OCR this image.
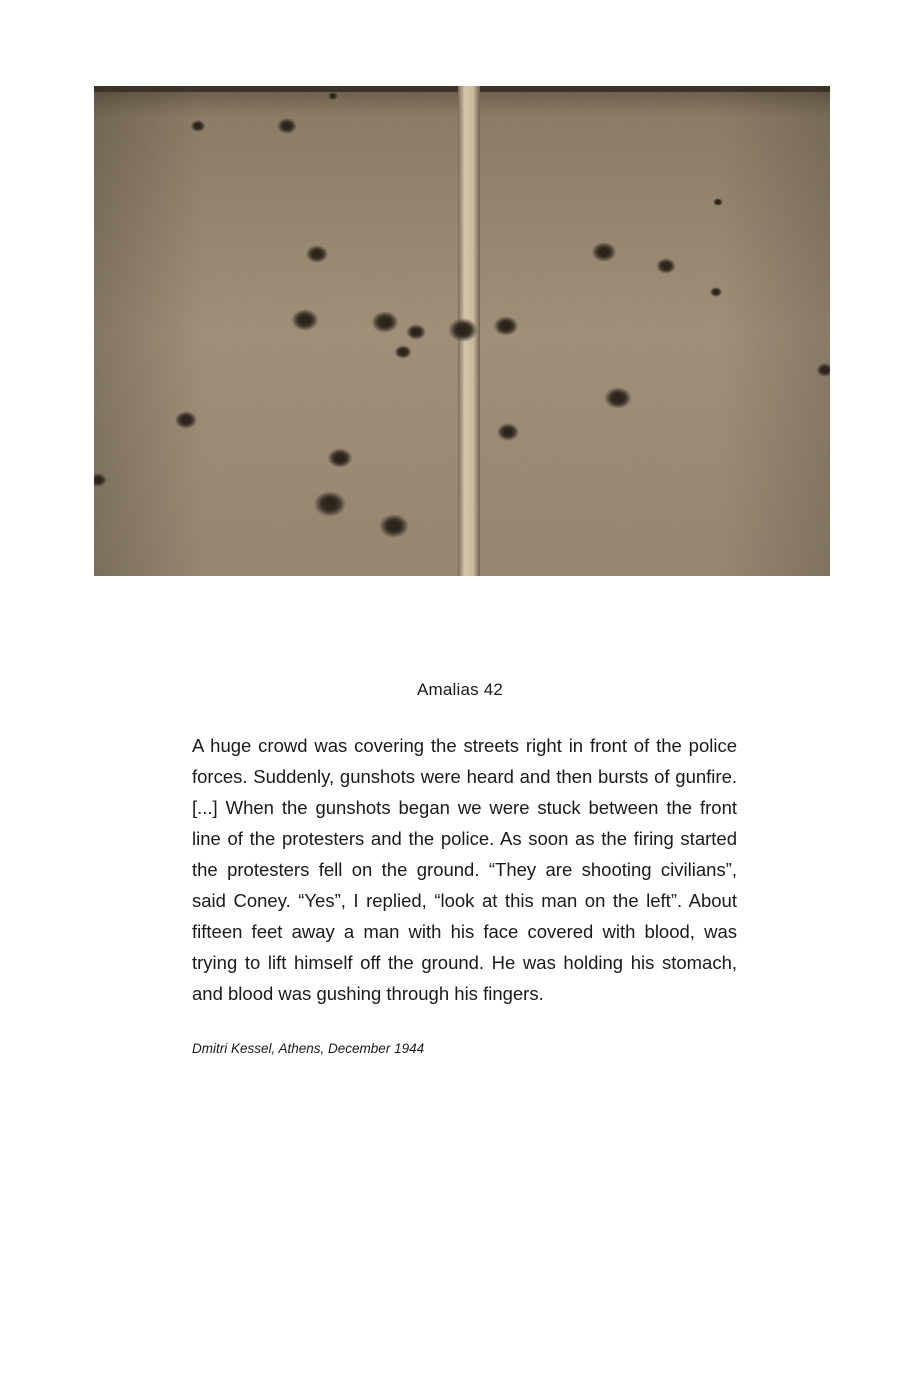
Amalias 42

A huge crowd was covering the streets right in front of the police forces. Suddenly, gunshots were heard and then bursts of gunfire. [...] When the gunshots began we were stuck between the front line of the protesters and the police. As soon as the firing started the protesters fell on the ground. “They are shooting civilians”, said Coney. “Yes”, I replied, “look at this man on the left”. About fifteen feet away a man with his face covered with blood, was trying to lift himself off the ground. He was holding his stomach, and blood was gushing through his fingers.

Dmitri Kessel, Athens, December 1944
